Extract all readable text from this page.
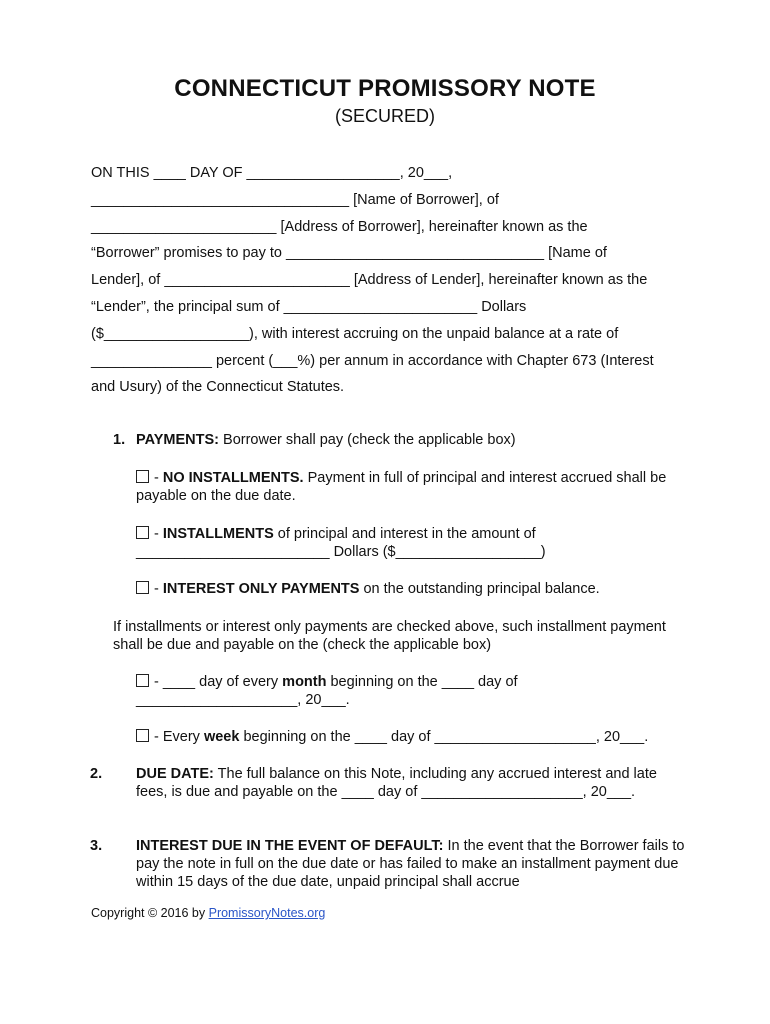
CONNECTICUT PROMISSORY NOTE
(SECURED)

ON THIS ____ DAY OF ___________________, 20___,

________________________________ [Name of Borrower], of

_______________________ [Address of Borrower], hereinafter known as the

“Borrower” promises to pay to ________________________________ [Name of

Lender], of _______________________ [Address of Lender], hereinafter known as the

“Lender”, the principal sum of ________________________ Dollars

($__________________), with interest accruing on the unpaid balance at a rate of

_______________ percent (___%) per annum in accordance with Chapter 673 (Interest

and Usury) of the Connecticut Statutes.

1. PAYMENTS: Borrower shall pay (check the applicable box)
- NO INSTALLMENTS. Payment in full of principal and interest accrued shall be payable on the due date.
- INSTALLMENTS of principal and interest in the amount of
________________________ Dollars ($__________________)
- INTEREST ONLY PAYMENTS on the outstanding principal balance.
If installments or interest only payments are checked above, such installment payment shall be due and payable on the (check the applicable box)
- ____ day of every month beginning on the ____ day of
____________________, 20___.
- Every week beginning on the ____ day of ____________________, 20___.
2. DUE DATE: The full balance on this Note, including any accrued interest and late fees, is due and payable on the ____ day of ____________________, 20___.
3. INTEREST DUE IN THE EVENT OF DEFAULT: In the event that the Borrower fails to pay the note in full on the due date or has failed to make an installment payment due within 15 days of the due date, unpaid principal shall accrue
Copyright © 2016 by PromissoryNotes.org
